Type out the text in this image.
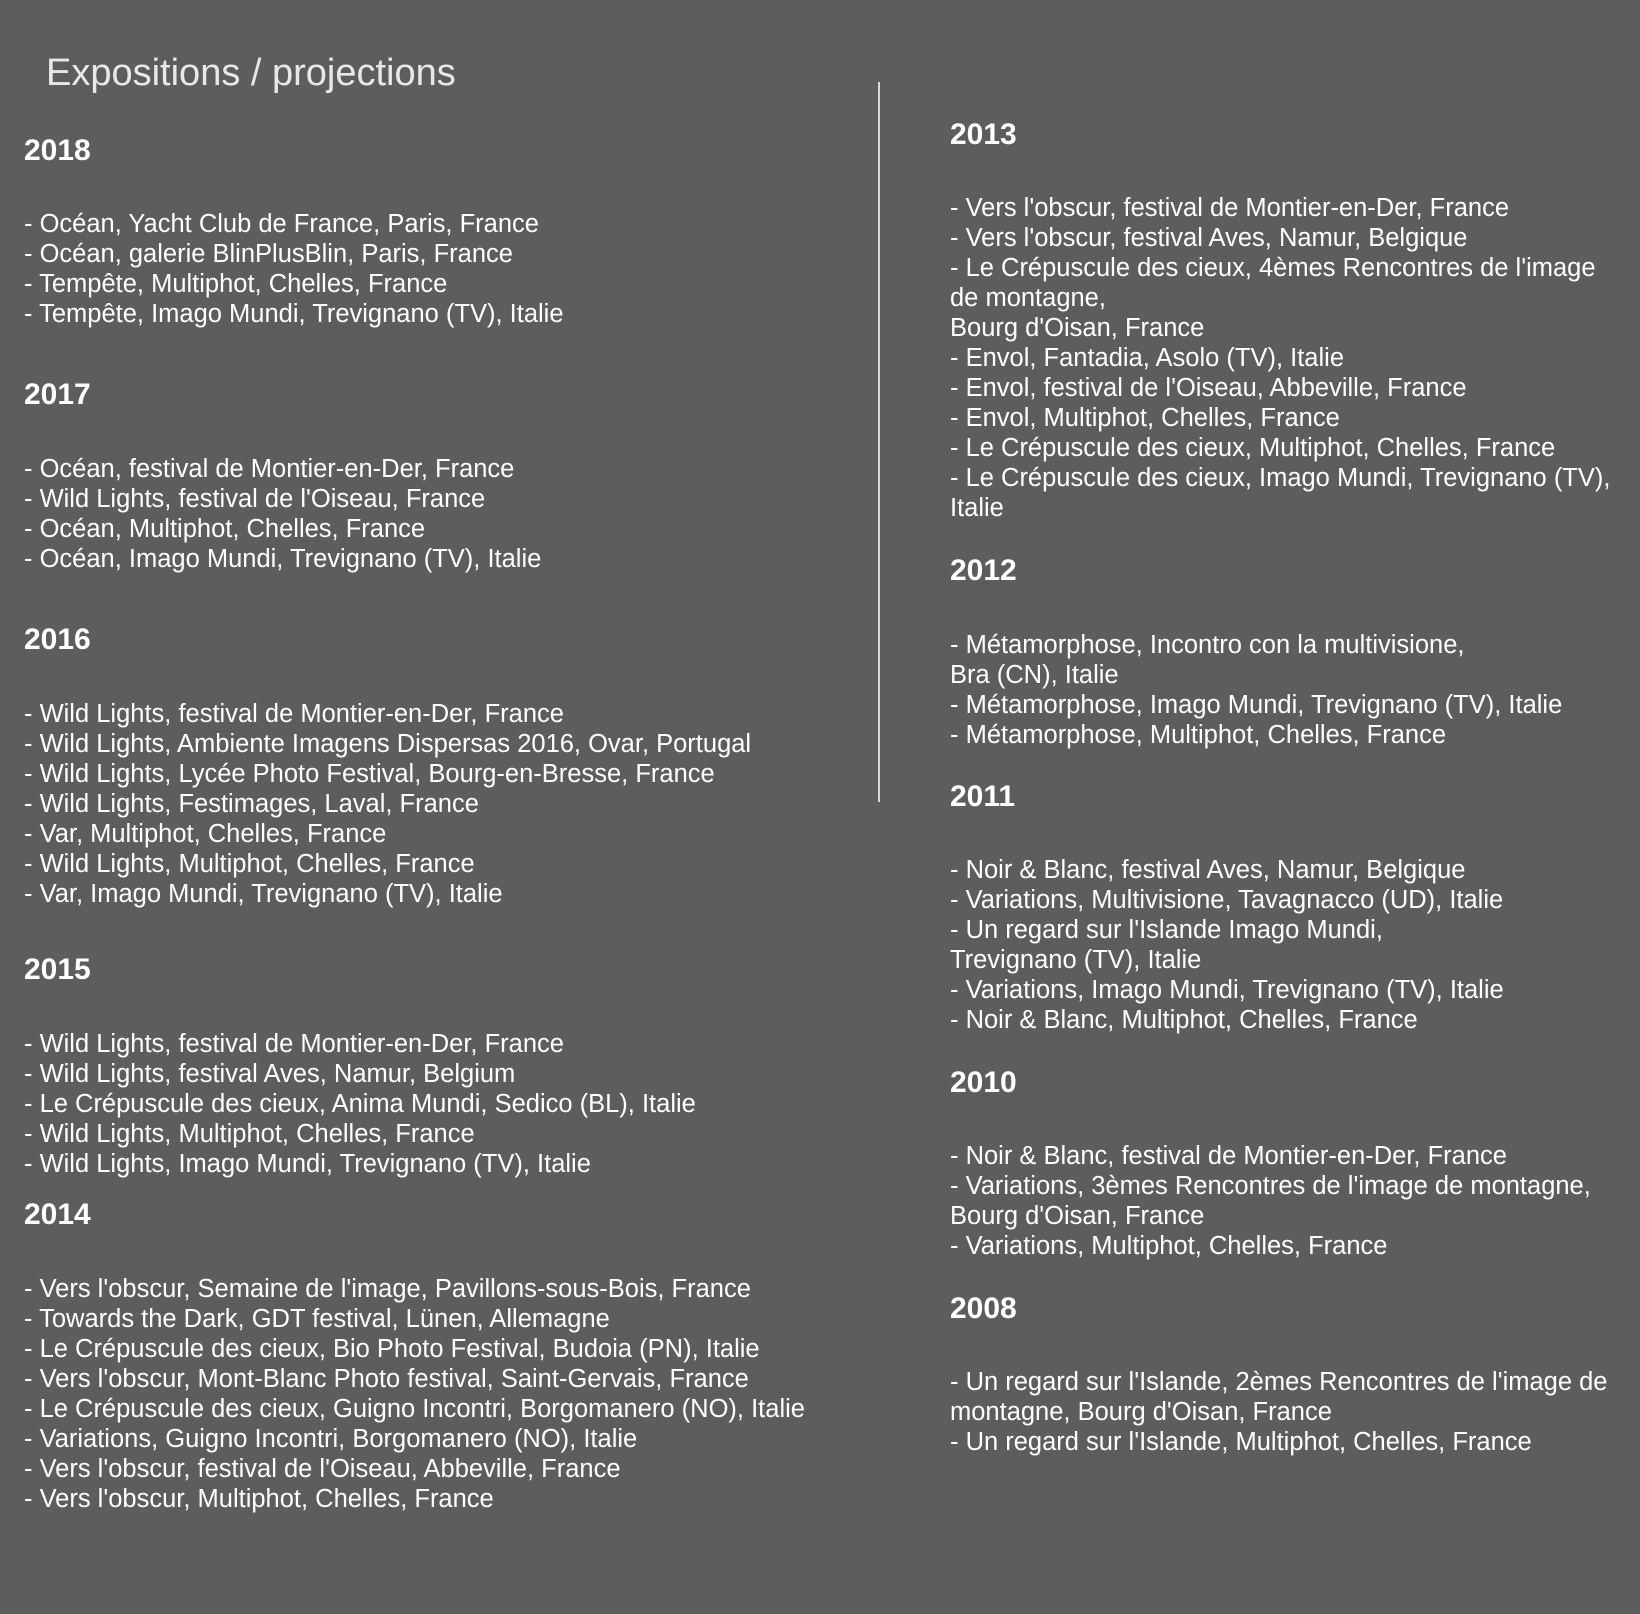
Expositions / projections
2018
- Océan, Yacht Club de France, Paris, France
- Océan, galerie BlinPlusBlin, Paris, France
- Tempête, Multiphot, Chelles, France
- Tempête, Imago Mundi, Trevignano (TV), Italie
2017
- Océan, festival de Montier-en-Der, France
- Wild Lights, festival de l'Oiseau, France
- Océan, Multiphot, Chelles, France
- Océan, Imago Mundi, Trevignano (TV), Italie
2016
- Wild Lights, festival de Montier-en-Der, France
- Wild Lights, Ambiente Imagens Dispersas 2016, Ovar, Portugal
- Wild Lights, Lycée Photo Festival, Bourg-en-Bresse, France
- Wild Lights, Festimages, Laval, France
- Var, Multiphot, Chelles, France
- Wild Lights, Multiphot, Chelles, France
- Var, Imago Mundi, Trevignano (TV), Italie
2015
- Wild Lights, festival de Montier-en-Der, France
- Wild Lights, festival Aves, Namur, Belgium
- Le Crépuscule des cieux, Anima Mundi, Sedico (BL), Italie
- Wild Lights, Multiphot, Chelles, France
- Wild Lights, Imago Mundi, Trevignano (TV), Italie
2014
- Vers l'obscur, Semaine de l'image, Pavillons-sous-Bois, France
- Towards the Dark, GDT festival, Lünen, Allemagne
- Le Crépuscule des cieux, Bio Photo Festival, Budoia (PN), Italie
- Vers l'obscur, Mont-Blanc Photo festival, Saint-Gervais, France
- Le Crépuscule des cieux, Guigno Incontri, Borgomanero (NO), Italie
- Variations, Guigno Incontri, Borgomanero (NO), Italie
- Vers l'obscur, festival de l'Oiseau, Abbeville, France
- Vers l'obscur, Multiphot, Chelles, France
2013
- Vers l'obscur, festival de Montier-en-Der, France
- Vers l'obscur, festival Aves, Namur, Belgique
- Le Crépuscule des cieux, 4èmes Rencontres de l'image
de montagne,
Bourg d'Oisan, France
- Envol, Fantadia, Asolo (TV), Italie
- Envol, festival de l'Oiseau, Abbeville, France
- Envol, Multiphot, Chelles, France
- Le Crépuscule des cieux, Multiphot, Chelles, France
- Le Crépuscule des cieux, Imago Mundi, Trevignano (TV),
Italie
2012
- Métamorphose, Incontro con la multivisione,
Bra (CN), Italie
- Métamorphose, Imago Mundi, Trevignano (TV), Italie
- Métamorphose, Multiphot, Chelles, France
2011
- Noir & Blanc, festival Aves, Namur, Belgique
- Variations, Multivisione, Tavagnacco (UD), Italie
- Un regard sur l'Islande Imago Mundi,
Trevignano (TV), Italie
- Variations, Imago Mundi, Trevignano (TV), Italie
- Noir & Blanc, Multiphot, Chelles, France
2010
- Noir & Blanc, festival de Montier-en-Der, France
- Variations, 3èmes Rencontres de l'image de montagne,
Bourg d'Oisan, France
- Variations, Multiphot, Chelles, France
2008
- Un regard sur l'Islande, 2èmes Rencontres de l'image de
montagne, Bourg d'Oisan, France
- Un regard sur l'Islande, Multiphot, Chelles, France
